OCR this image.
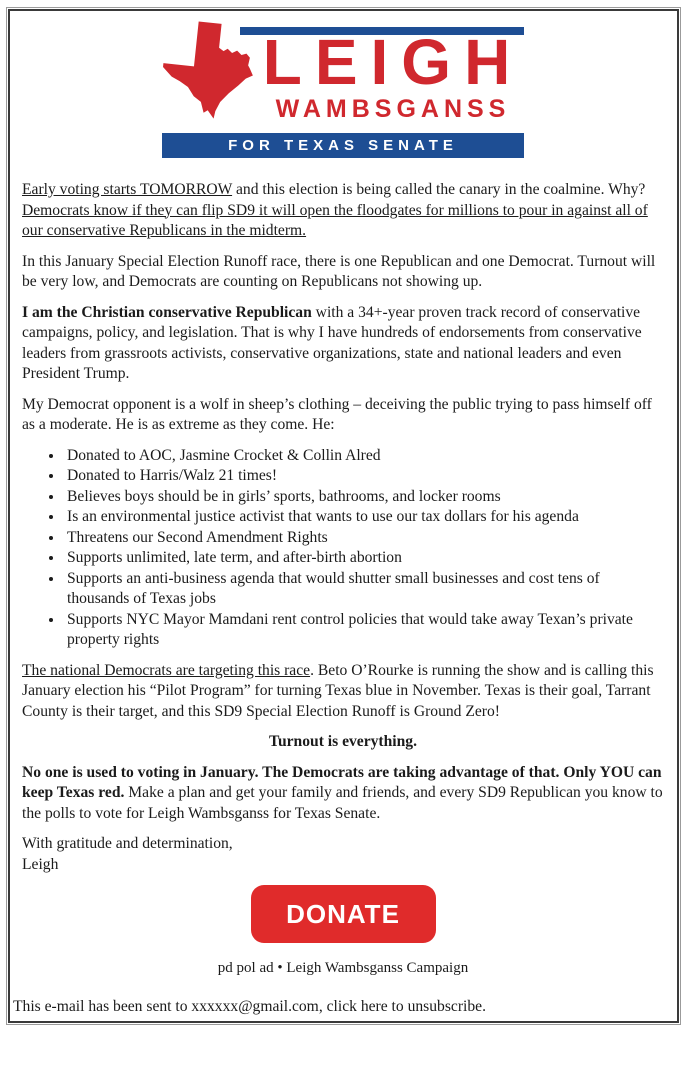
LEIGH
WAMBSGANSS
FOR TEXAS SENATE

Early voting starts TOMORROW and this election is being called the canary in the coalmine. Why? Democrats know if they can flip SD9 it will open the floodgates for millions to pour in against all of our conservative Republicans in the midterm.

In this January Special Election Runoff race, there is one Republican and one Democrat. Turnout will be very low, and Democrats are counting on Republicans not showing up.

I am the Christian conservative Republican with a 34+-year proven track record of conservative campaigns, policy, and legislation. That is why I have hundreds of endorsements from conservative leaders from grassroots activists, conservative organizations, state and national leaders and even President Trump.

My Democrat opponent is a wolf in sheep’s clothing – deceiving the public trying to pass himself off as a moderate. He is as extreme as they come. He:

• Donated to AOC, Jasmine Crocket & Collin Alred
• Donated to Harris/Walz 21 times!
• Believes boys should be in girls’ sports, bathrooms, and locker rooms
• Is an environmental justice activist that wants to use our tax dollars for his agenda
• Threatens our Second Amendment Rights
• Supports unlimited, late term, and after-birth abortion
• Supports an anti-business agenda that would shutter small businesses and cost tens of thousands of Texas jobs
• Supports NYC Mayor Mamdani rent control policies that would take away Texan’s private property rights

The national Democrats are targeting this race. Beto O’Rourke is running the show and is calling this January election his “Pilot Program” for turning Texas blue in November. Texas is their goal, Tarrant County is their target, and this SD9 Special Election Runoff is Ground Zero!

Turnout is everything.

No one is used to voting in January. The Democrats are taking advantage of that. Only YOU can keep Texas red. Make a plan and get your family and friends, and every SD9 Republican you know to the polls to vote for Leigh Wambsganss for Texas Senate.

With gratitude and determination,
Leigh

DONATE
pd pol ad • Leigh Wambsganss Campaign
This e-mail has been sent to xxxxxx@gmail.com, click here to unsubscribe.
